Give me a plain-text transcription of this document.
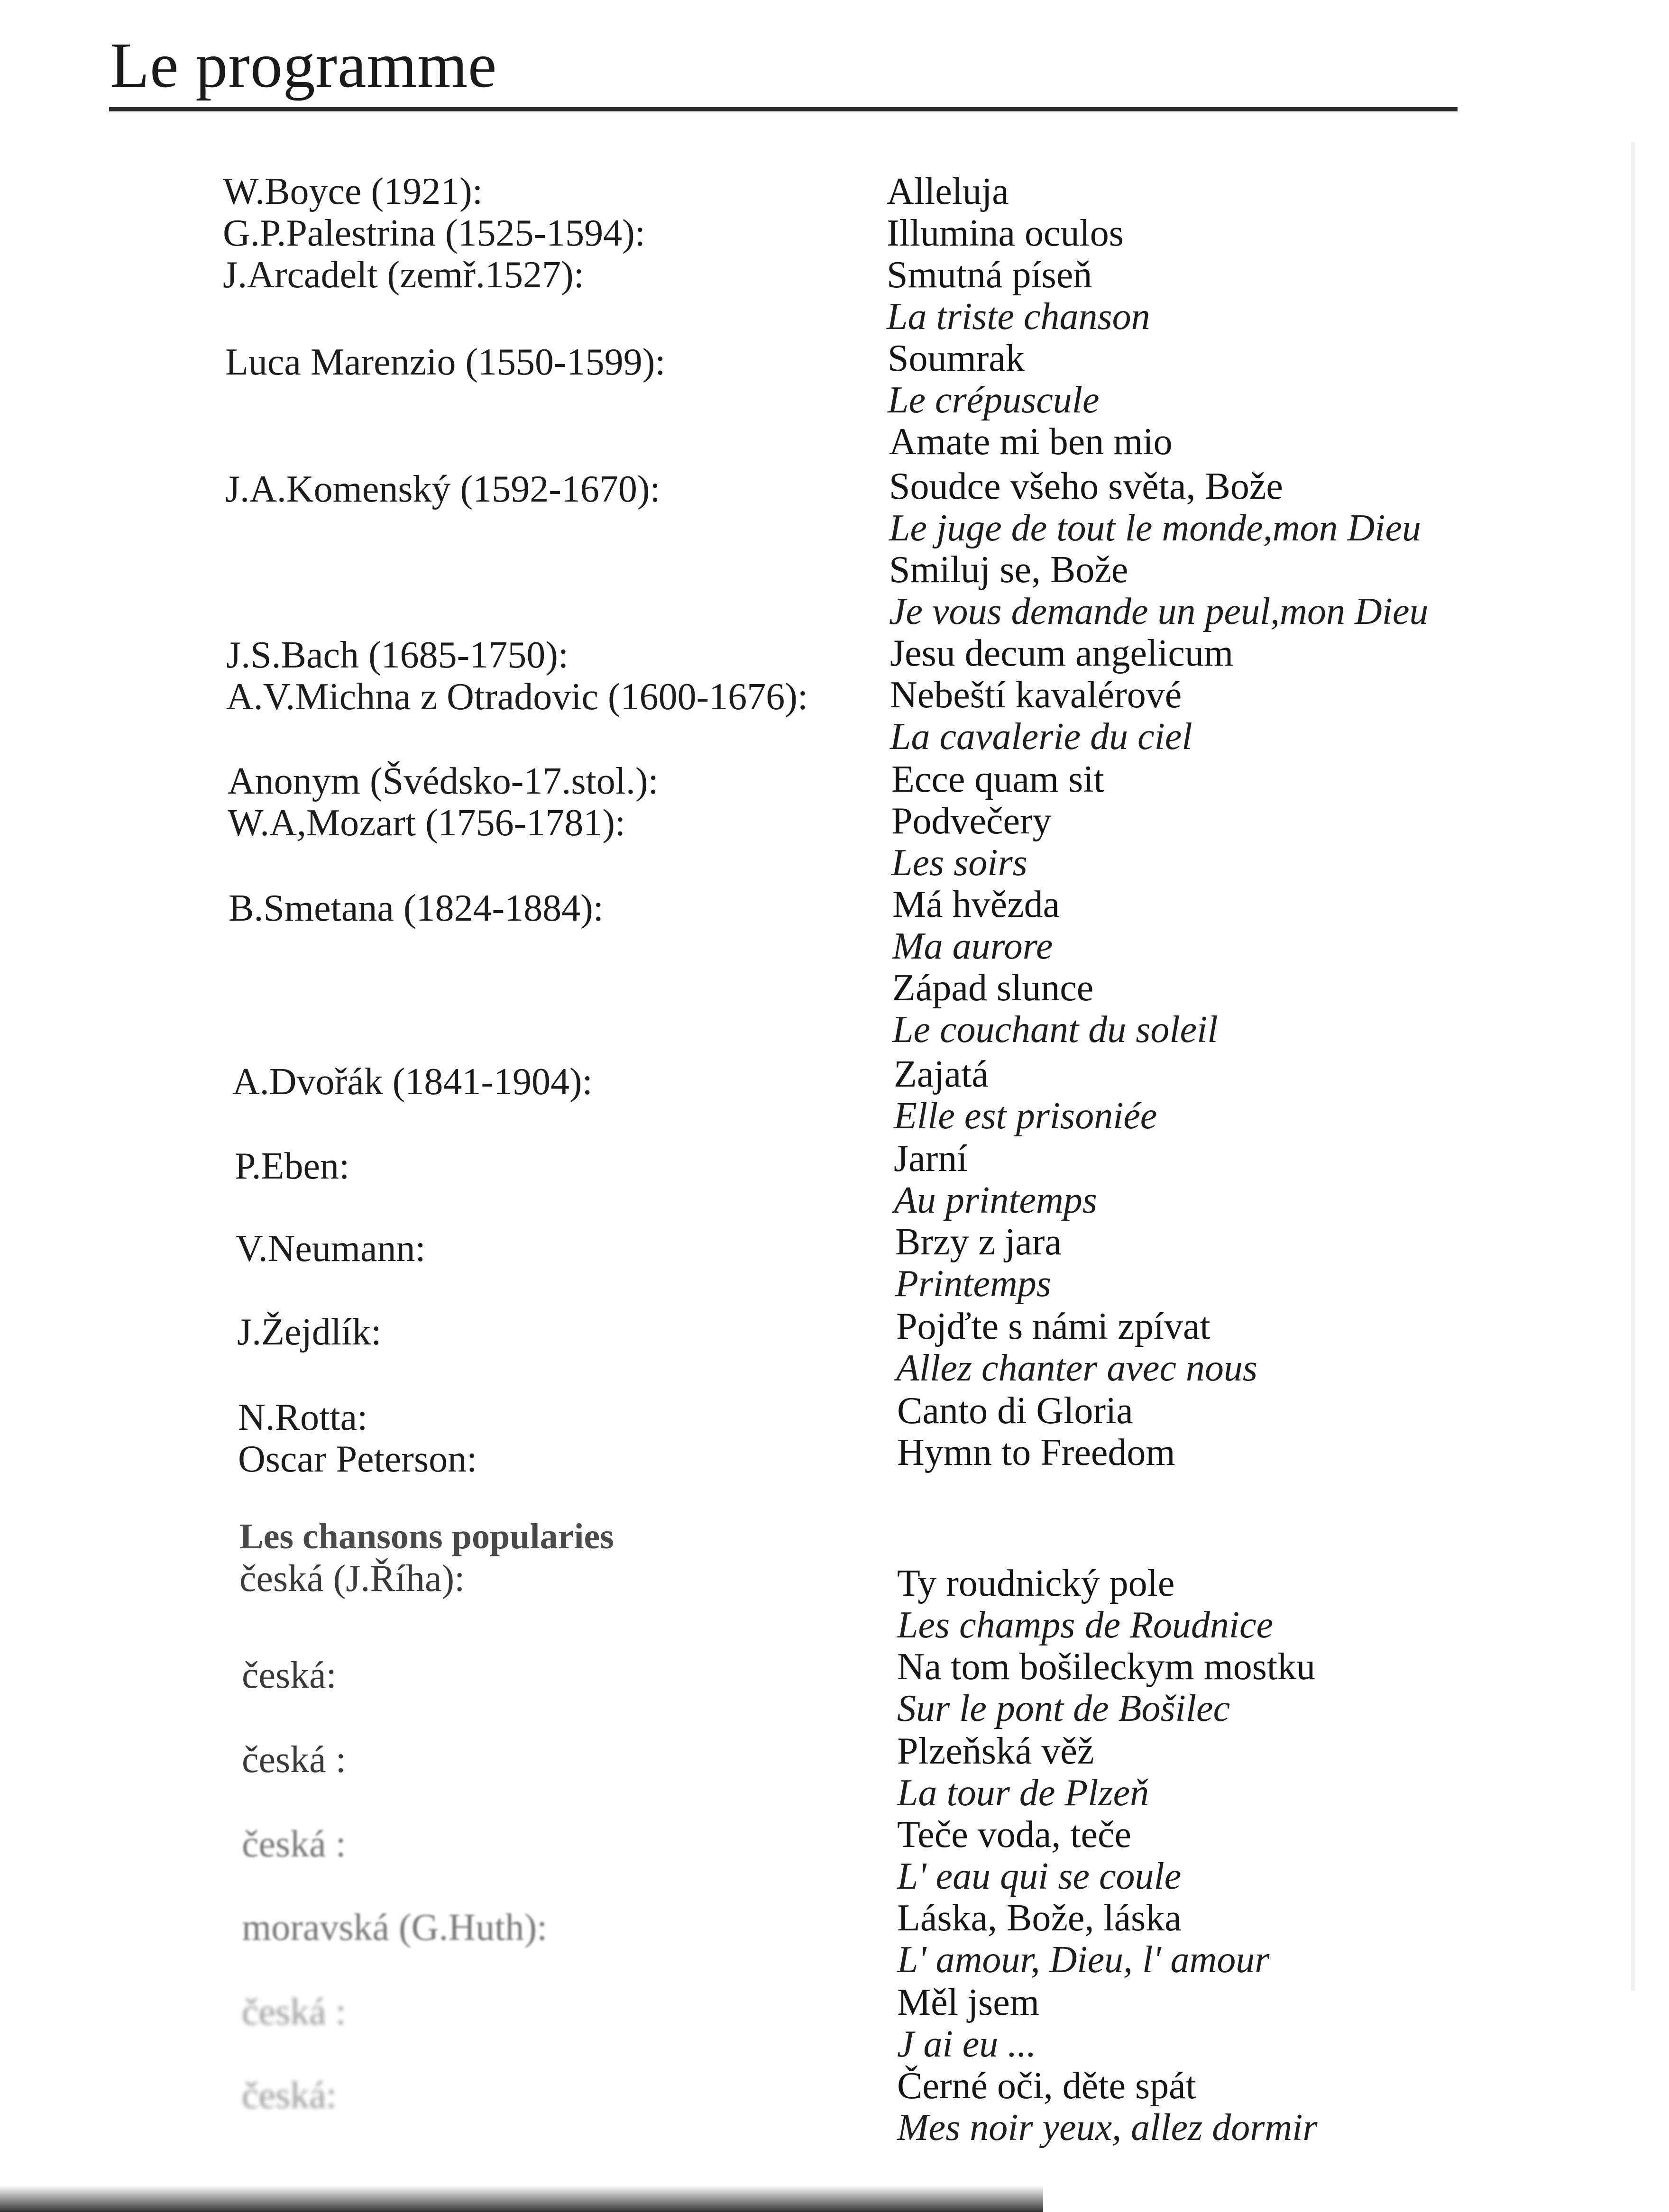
Le programme
W.Boyce (1921):	Alleluja
G.P.Palestrina (1525-1594):	Illumina oculos
J.Arcadelt (zemř.1527):	Smutná píseň
La triste chanson
Luca Marenzio (1550-1599):	Soumrak
Le crépuscule
Amate mi ben mio
J.A.Komenský (1592-1670):	Soudce všeho světa, Bože
Le juge de tout le monde,mon Dieu
Smiluj se, Bože
Je vous demande un peul,mon Dieu
J.S.Bach (1685-1750):	Jesu decum angelicum
A.V.Michna z Otradovic (1600-1676): Nebeští kavalérové
La cavalerie du ciel
Anonym (Švédsko-17.stol.):	Ecce quam sit
W.A,Mozart (1756-1781):	Podvečery
Les soirs
B.Smetana (1824-1884):	Má hvězda
Ma aurore
Západ slunce
Le couchant du soleil
A.Dvořák (1841-1904):	Zajatá
Elle est prisoniée
P.Eben:	Jarní
Au printemps
V.Neumann:	Brzy z jara
Printemps
J.Žejdlík:	Pojďte s námi zpívat
Allez chanter avec nous
N.Rotta:	Canto di Gloria
Oscar Peterson:	Hymn to Freedom
Les chansons popularies
česká (J.Říha):	Ty roudnický pole
Les champs de Roudnice
česká:	Na tom bošileckym mostku
Sur le pont de Bošilec
česká :	Plzeňská věž
La tour de Plzeň
česká :	Teče voda, teče
L' eau qui se coule
moravská (G.Huth):	Láska, Bože, láska
L' amour, Dieu, l' amour
česká :	Měl jsem
J ai eu ...
česká:	Černé oči, děte spát
Mes noir yeux, allez dormir
